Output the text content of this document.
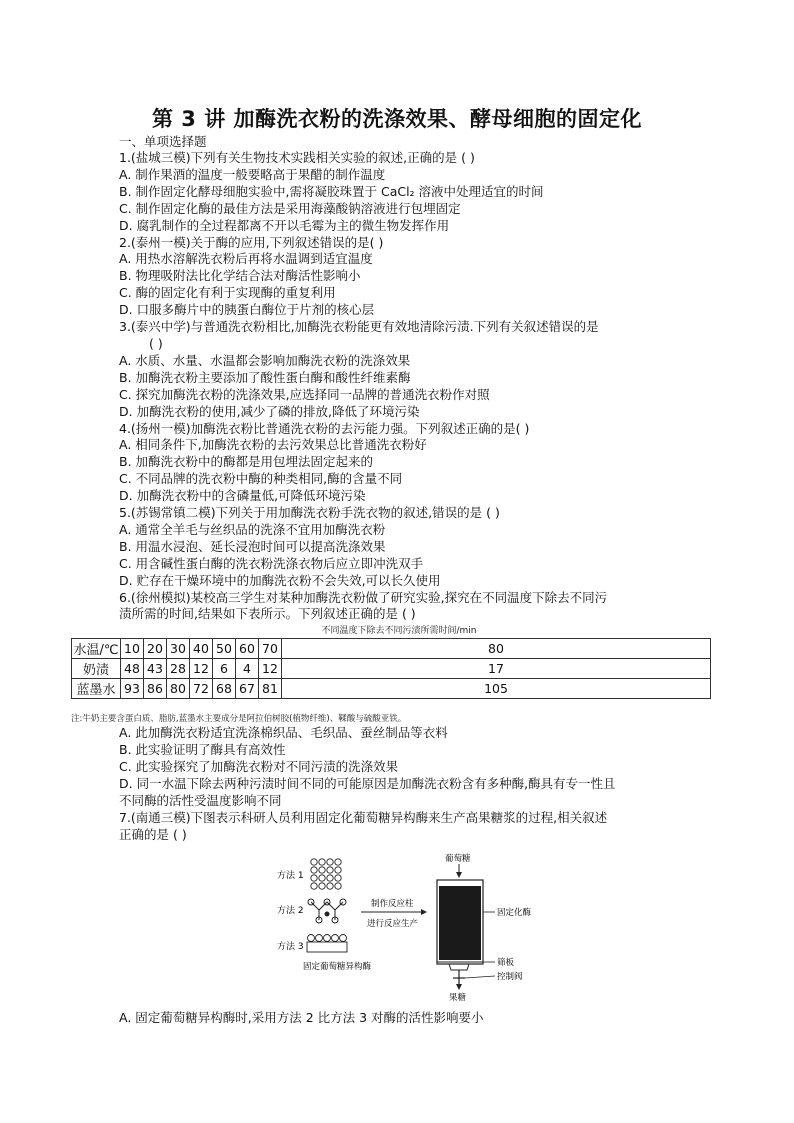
第 3 讲 加酶洗衣粉的洗涤效果、酵母细胞的固定化
一、单项选择题
1.(盐城三模)下列有关生物技术实践相关实验的叙述,正确的是 ( )
A. 制作果酒的温度一般要略高于果醋的制作温度
B. 制作固定化酵母细胞实验中,需将凝胶珠置于 CaCl₂ 溶液中处理适宜的时间
C. 制作固定化酶的最佳方法是采用海藻酸钠溶液进行包埋固定
D. 腐乳制作的全过程都离不开以毛霉为主的微生物发挥作用
2.(泰州一模)关于酶的应用,下列叙述错误的是( )
A. 用热水溶解洗衣粉后再将水温调到适宜温度
B. 物理吸附法比化学结合法对酶活性影响小
C. 酶的固定化有利于实现酶的重复利用
D. 口服多酶片中的胰蛋白酶位于片剂的核心层
3.(泰兴中学)与普通洗衣粉相比,加酶洗衣粉能更有效地清除污渍.下列有关叙述错误的是
( )
A. 水质、水量、水温都会影响加酶洗衣粉的洗涤效果
B. 加酶洗衣粉主要添加了酸性蛋白酶和酸性纤维素酶
C. 探究加酶洗衣粉的洗涤效果,应选择同一品牌的普通洗衣粉作对照
D. 加酶洗衣粉的使用,减少了磷的排放,降低了环境污染
4.(扬州一模)加酶洗衣粉比普通洗衣粉的去污能力强。下列叙述正确的是( )
A. 相同条件下,加酶洗衣粉的去污效果总比普通洗衣粉好
B. 加酶洗衣粉中的酶都是用包埋法固定起来的
C. 不同品牌的洗衣粉中酶的种类相同,酶的含量不同
D. 加酶洗衣粉中的含磷量低,可降低环境污染
5.(苏锡常镇二模)下列关于用加酶洗衣粉手洗衣物的叙述,错误的是 ( )
A. 通常全羊毛与丝织品的洗涤不宜用加酶洗衣粉
B. 用温水浸泡、延长浸泡时间可以提高洗涤效果
C. 用含碱性蛋白酶的洗衣粉洗涤衣物后应立即冲洗双手
D. 贮存在干燥环境中的加酶洗衣粉不会失效,可以长久使用
6.(徐州模拟)某校高三学生对某种加酶洗衣粉做了研究实验,探究在不同温度下除去不同污
渍所需的时间,结果如下表所示。下列叙述正确的是 ( )
不同温度下除去不同污渍所需时间/min
水温/℃	10	20	30	40	50	60	70	80
奶渍	48	43	28	12	6	4	12	17
蓝墨水	93	86	80	72	68	67	81	105
注:牛奶主要含蛋白质、脂肪,蓝墨水主要成分是阿拉伯树胶(植物纤维)、鞣酸与硫酸亚铁。
A. 此加酶洗衣粉适宜洗涤棉织品、毛织品、蚕丝制品等衣料
B. 此实验证明了酶具有高效性
C. 此实验探究了加酶洗衣粉对不同污渍的洗涤效果
D. 同一水温下除去两种污渍时间不同的可能原因是加酶洗衣粉含有多种酶,酶具有专一性且
不同酶的活性受温度影响不同
7.(南通三模)下图表示科研人员利用固定化葡萄糖异构酶来生产高果糖浆的过程,相关叙述
正确的是 ( )
方法 1
方法 2
方法 3
固定葡萄糖异构酶
制作反应柱
进行反应生产
葡萄糖
固定化酶
筛板
控制阀
果糖
A. 固定葡萄糖异构酶时,采用方法 2 比方法 3 对酶的活性影响要小
